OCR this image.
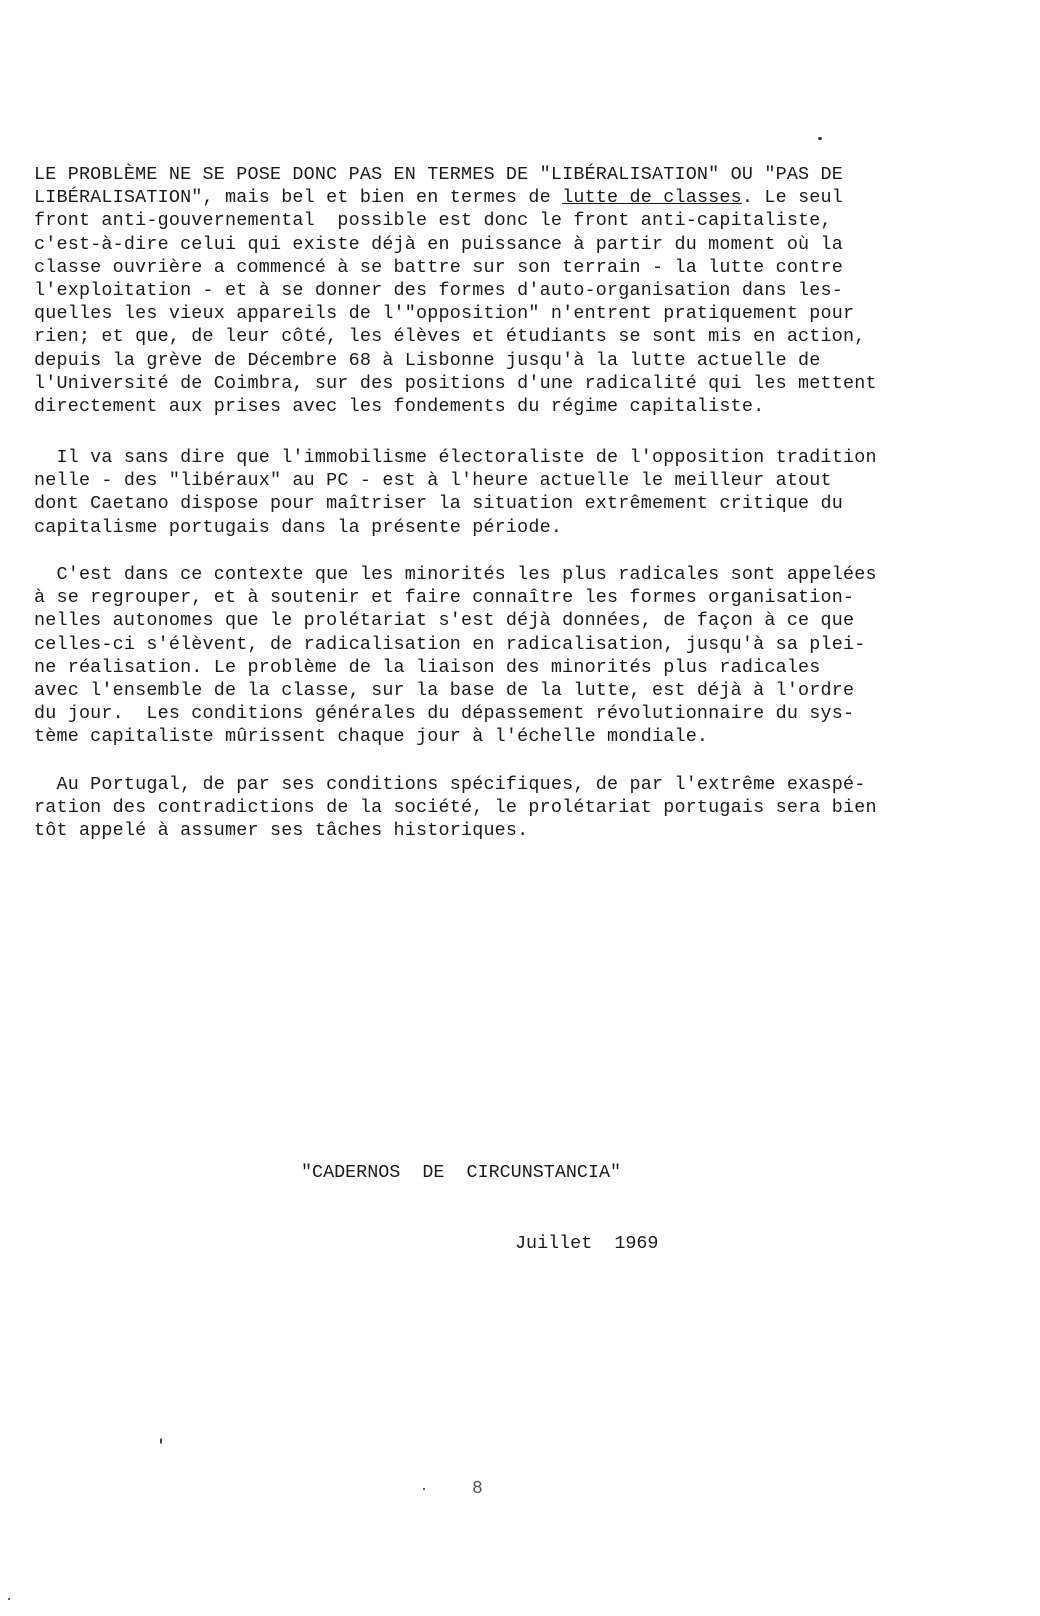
LE PROBLÈME NE SE POSE DONC PAS EN TERMES DE "LIBÉRALISATION" OU "PAS DE
LIBÉRALISATION", mais bel et bien en termes de lutte de classes. Le seul
front anti-gouvernemental  possible est donc le front anti-capitaliste,
c'est-à-dire celui qui existe déjà en puissance à partir du moment où la
classe ouvrière a commencé à se battre sur son terrain - la lutte contre
l'exploitation - et à se donner des formes d'auto-organisation dans les-
quelles les vieux appareils de l'"opposition" n'entrent pratiquement pour
rien; et que, de leur côté, les élèves et étudiants se sont mis en action,
depuis la grève de Décembre 68 à Lisbonne jusqu'à la lutte actuelle de
l'Université de Coimbra, sur des positions d'une radicalité qui les mettent
directement aux prises avec les fondements du régime capitaliste.
Il va sans dire que l'immobilisme électoraliste de l'opposition tradition
nelle - des "libéraux" au PC - est à l'heure actuelle le meilleur atout
dont Caetano dispose pour maîtriser la situation extrêmement critique du
capitalisme portugais dans la présente période.
C'est dans ce contexte que les minorités les plus radicales sont appelées
à se regrouper, et à soutenir et faire connaître les formes organisation-
nelles autonomes que le prolétariat s'est déjà données, de façon à ce que
celles-ci s'élèvent, de radicalisation en radicalisation, jusqu'à sa plei-
ne réalisation. Le problème de la liaison des minorités plus radicales
avec l'ensemble de la classe, sur la base de la lutte, est déjà à l'ordre
du jour.  Les conditions générales du dépassement révolutionnaire du sys-
tème capitaliste mûrissent chaque jour à l'échelle mondiale.
Au Portugal, de par ses conditions spécifiques, de par l'extrême exaspé-
ration des contradictions de la société, le prolétariat portugais sera bien
tôt appelé à assumer ses tâches historiques.
"CADERNOS  DE  CIRCUNSTANCIA"
Juillet  1969
8
